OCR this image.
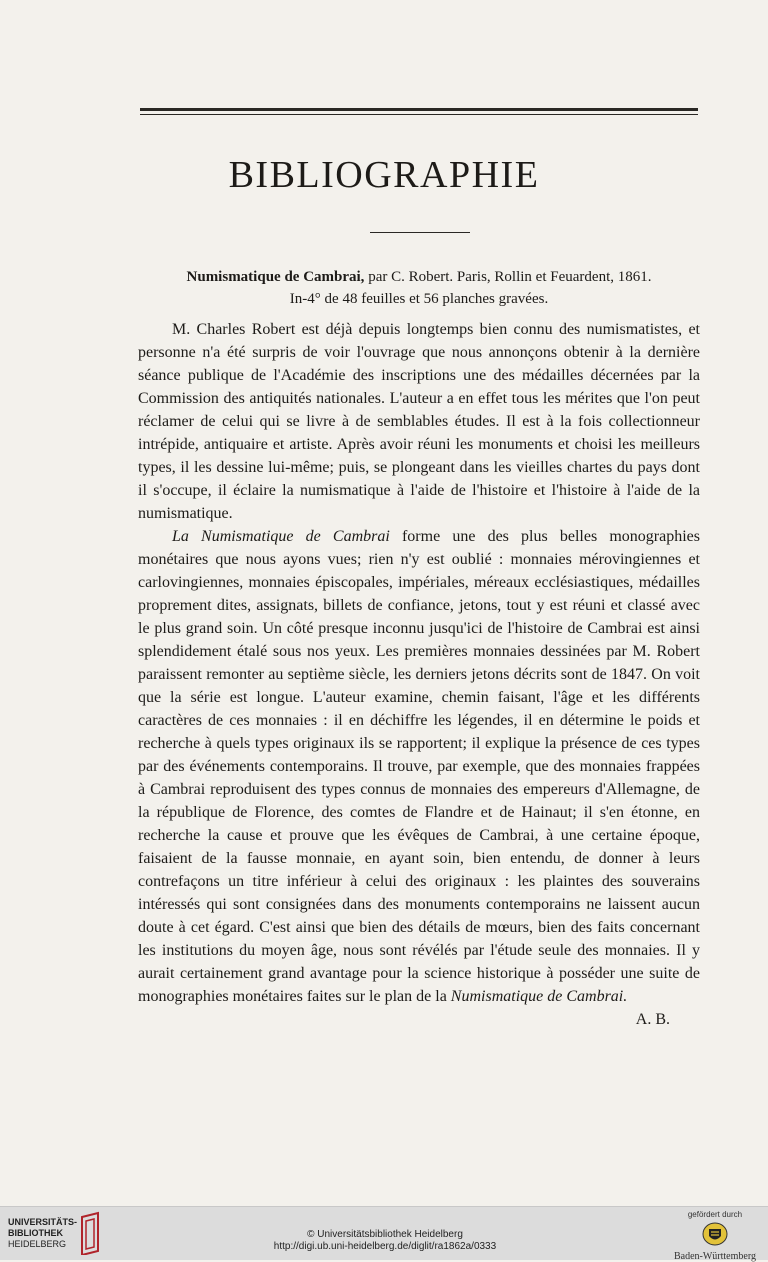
BIBLIOGRAPHIE
Numismatique de Cambrai, par C. Robert. Paris, Rollin et Feuardent, 1861.
In-4° de 48 feuilles et 56 planches gravées.

M. Charles Robert est déjà depuis longtemps bien connu des numismatistes, et personne n'a été surpris de voir l'ouvrage que nous annonçons obtenir à la dernière séance publique de l'Académie des inscriptions une des médailles décernées par la Commission des antiquités nationales. L'auteur a en effet tous les mérites que l'on peut réclamer de celui qui se livre à de semblables études. Il est à la fois collectionneur intrépide, antiquaire et artiste. Après avoir réuni les monuments et choisi les meilleurs types, il les dessine lui-même; puis, se plongeant dans les vieilles chartes du pays dont il s'occupe, il éclaire la numismatique à l'aide de l'histoire et l'histoire à l'aide de la numismatique.

La Numismatique de Cambrai forme une des plus belles monographies monétaires que nous ayons vues; rien n'y est oublié : monnaies mérovingiennes et carlovingiennes, monnaies épiscopales, impériales, méreaux ecclésiastiques, médailles proprement dites, assignats, billets de confiance, jetons, tout y est réuni et classé avec le plus grand soin. Un côté presque inconnu jusqu'ici de l'histoire de Cambrai est ainsi splendidement étalé sous nos yeux. Les premières monnaies dessinées par M. Robert paraissent remonter au septième siècle, les derniers jetons décrits sont de 1847. On voit que la série est longue. L'auteur examine, chemin faisant, l'âge et les différents caractères de ces monnaies : il en déchiffre les légendes, il en détermine le poids et recherche à quels types originaux ils se rapportent; il explique la présence de ces types par des événements contemporains. Il trouve, par exemple, que des monnaies frappées à Cambrai reproduisent des types connus de monnaies des empereurs d'Allemagne, de la république de Florence, des comtes de Flandre et de Hainaut; il s'en étonne, en recherche la cause et prouve que les évêques de Cambrai, à une certaine époque, faisaient de la fausse monnaie, en ayant soin, bien entendu, de donner à leurs contrefaçons un titre inférieur à celui des originaux : les plaintes des souverains intéressés qui sont consignées dans des monuments contemporains ne laissent aucun doute à cet égard. C'est ainsi que bien des détails de mœurs, bien des faits concernant les institutions du moyen âge, nous sont révélés par l'étude seule des monnaies. Il y aurait certainement grand avantage pour la science historique à posséder une suite de monographies monétaires faites sur le plan de la Numismatique de Cambrai.
A. B.

UNIVERSITÄTS-
BIBLIOTHEK
HEIDELBERG
© Universitätsbibliothek Heidelberg
http://digi.ub.uni-heidelberg.de/diglit/ra1862a/0333
gefördert durch
Baden-Württemberg
